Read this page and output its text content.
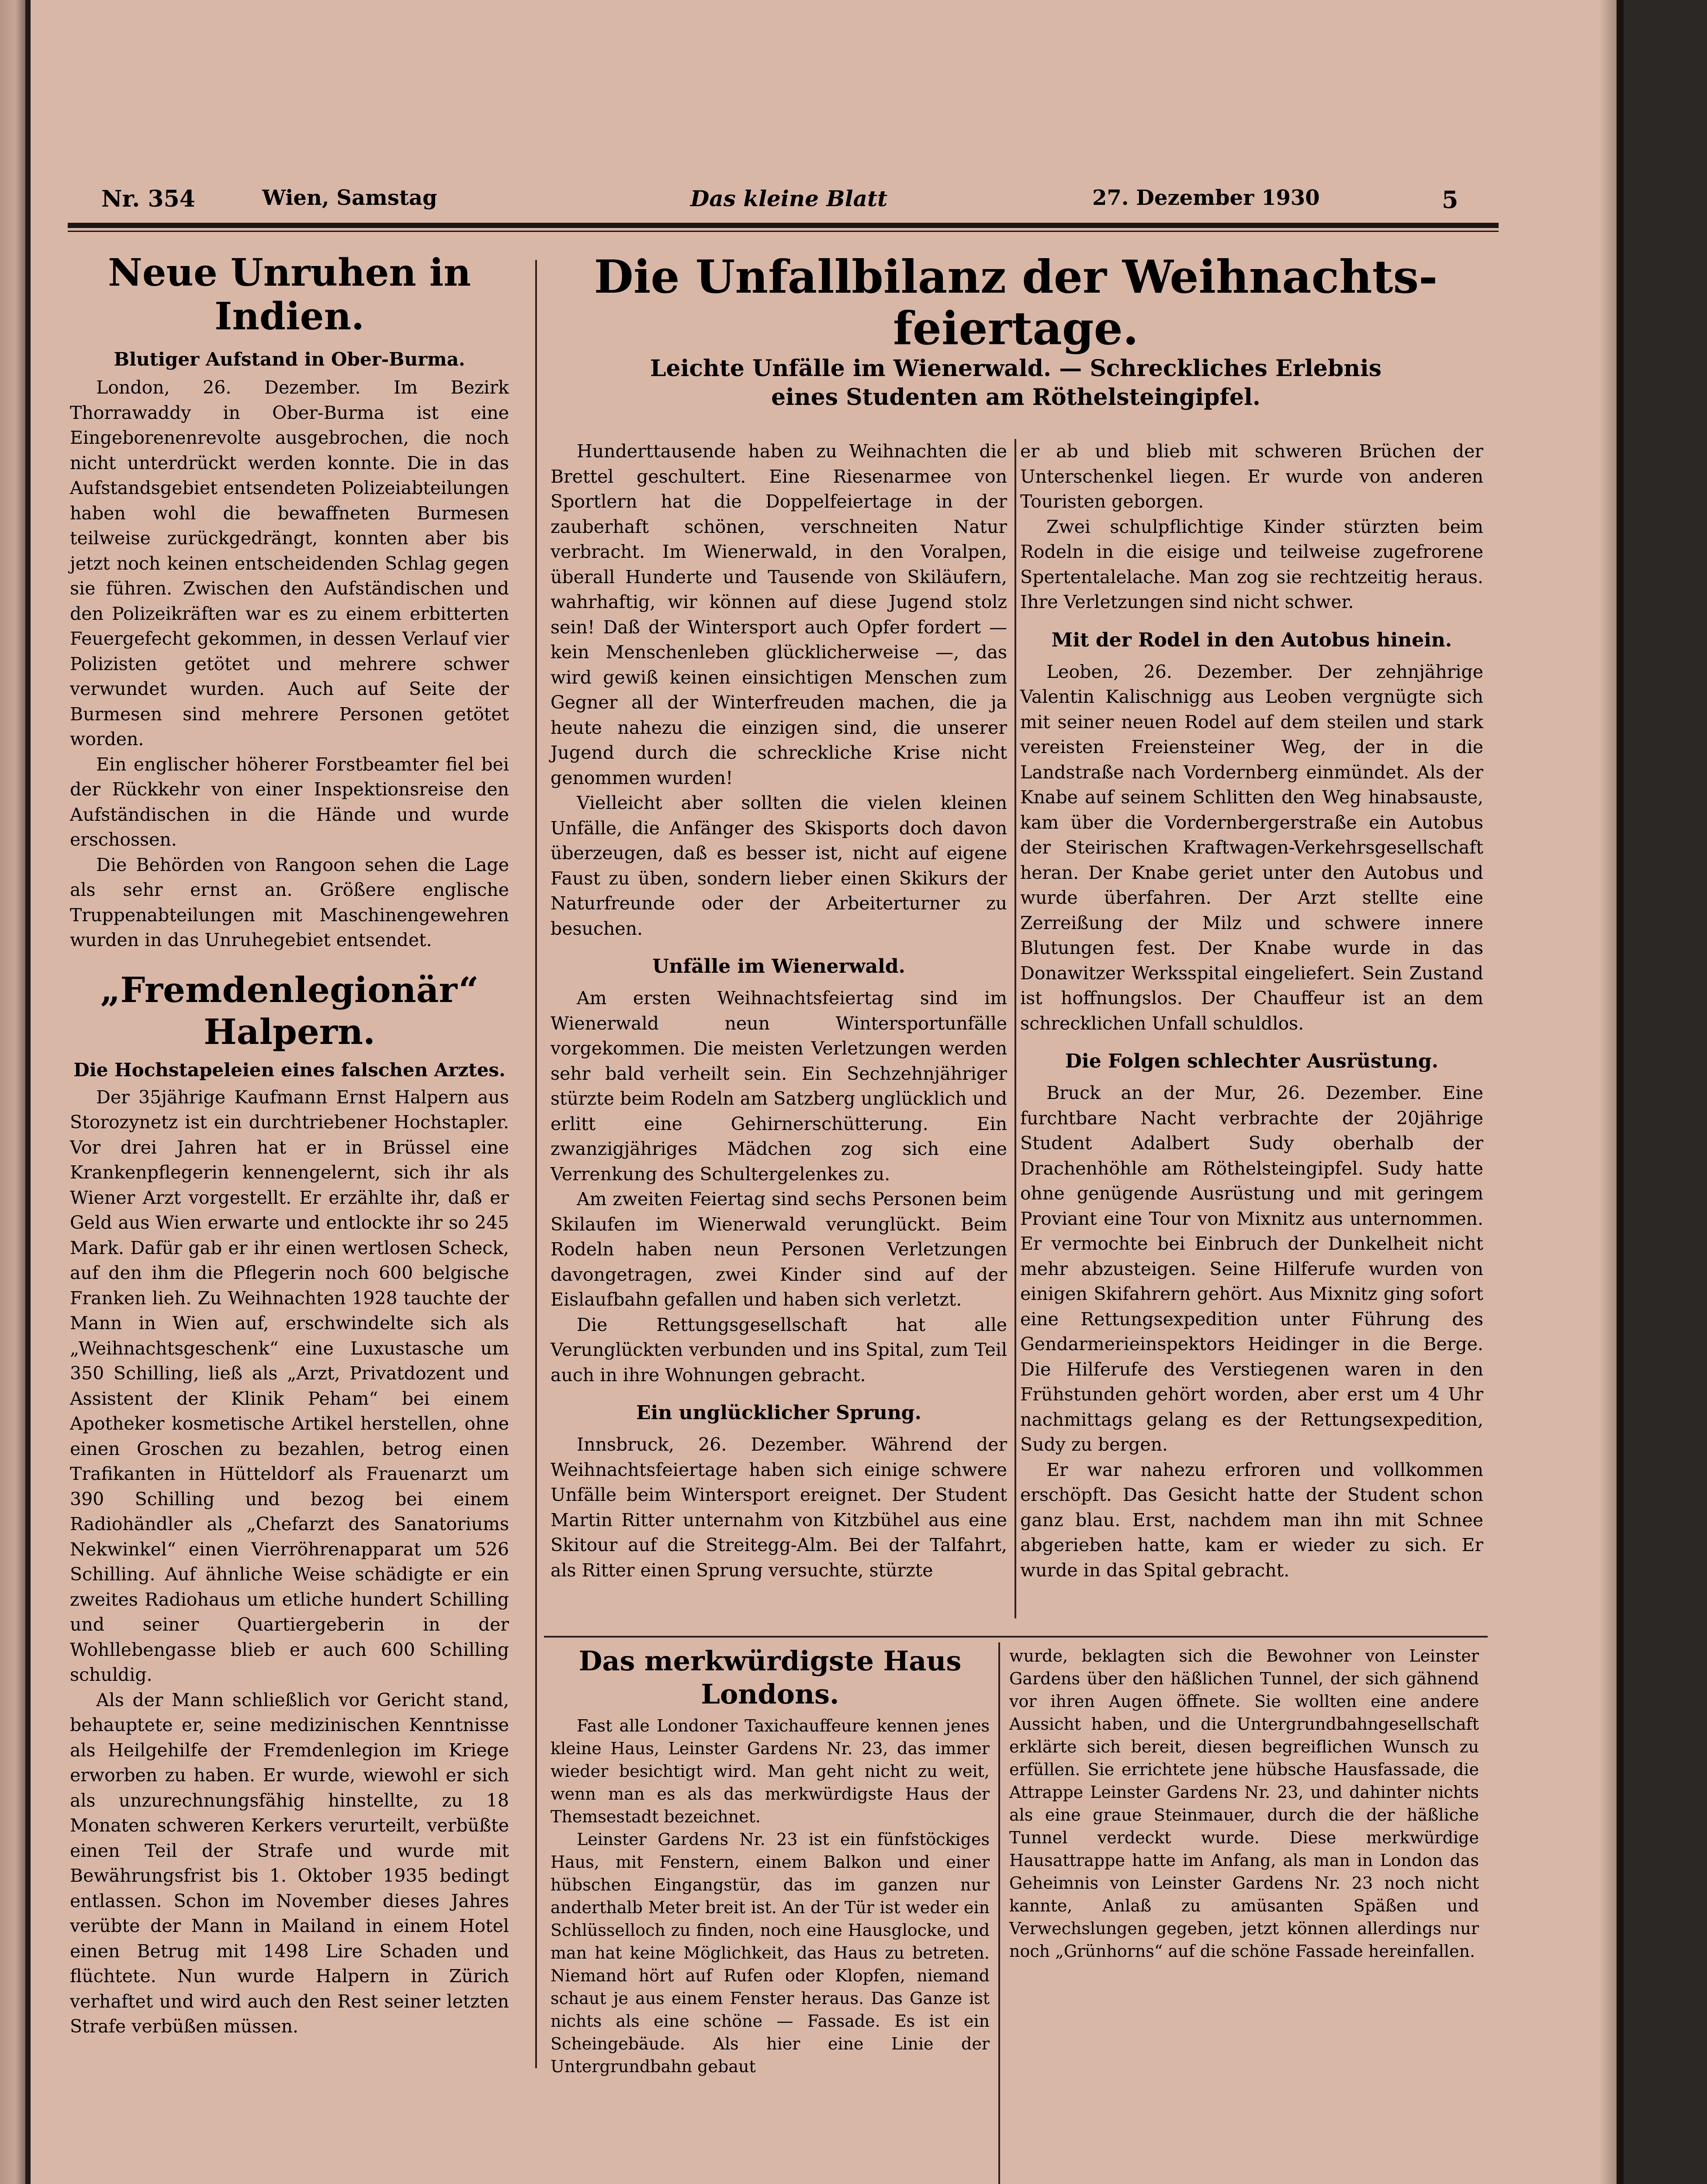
Nr. 354	Wien, Samstag	Das kleine Blatt	27. Dezember 1930	5
Neue Unruhen in Indien.
Blutiger Aufstand in Ober-Burma.

London, 26. Dezember. Im Bezirk Thorrawaddy in Ober-Burma ist eine Eingeborenenrevolte ausgebrochen, die noch nicht unterdrückt werden konnte. Die in das Aufstandsgebiet entsendeten Polizeiabteilungen haben wohl die bewaffneten Burmesen teilweise zurückgedrängt, konnten aber bis jetzt noch keinen entscheidenden Schlag gegen sie führen. Zwischen den Aufständischen und den Polizeikräften war es zu einem erbitterten Feuergefecht gekommen, in dessen Verlauf vier Polizisten getötet und mehrere schwer verwundet wurden. Auch auf Seite der Burmesen sind mehrere Personen getötet worden.

Ein englischer höherer Forstbeamter fiel bei der Rückkehr von einer Inspektionsreise den Aufständischen in die Hände und wurde erschossen.

Die Behörden von Rangoon sehen die Lage als sehr ernst an. Größere englische Truppenabteilungen mit Maschinengewehren wurden in das Unruhegebiet entsendet.

„Fremdenlegionär“ Halpern.
Die Hochstapeleien eines falschen Arztes.

Der 35jährige Kaufmann Ernst Halpern aus Storozynetz ist ein durchtriebener Hochstapler. Vor drei Jahren hat er in Brüssel eine Krankenpflegerin kennengelernt, sich ihr als Wiener Arzt vorgestellt. Er erzählte ihr, daß er Geld aus Wien erwarte und entlockte ihr so 245 Mark. Dafür gab er ihr einen wertlosen Scheck, auf den ihm die Pflegerin noch 600 belgische Franken lieh. Zu Weihnachten 1928 tauchte der Mann in Wien auf, erschwindelte sich als „Weihnachtsgeschenk“ eine Luxustasche um 350 Schilling, ließ als „Arzt, Privatdozent und Assistent der Klinik Peham“ bei einem Apotheker kosmetische Artikel herstellen, ohne einen Groschen zu bezahlen, betrog einen Trafikanten in Hütteldorf als Frauenarzt um 390 Schilling und bezog bei einem Radiohändler als „Chefarzt des Sanatoriums Nekwinkel“ einen Vierröhrenapparat um 526 Schilling. Auf ähnliche Weise schädigte er ein zweites Radiohaus um etliche hundert Schilling und seiner Quartiergeberin in der Wohllebengasse blieb er auch 600 Schilling schuldig.

Als der Mann schließlich vor Gericht stand, behauptete er, seine medizinischen Kenntnisse als Heilgehilfe der Fremdenlegion im Kriege erworben zu haben. Er wurde, wiewohl er sich als unzurechnungsfähig hinstellte, zu 18 Monaten schweren Kerkers verurteilt, verbüßte einen Teil der Strafe und wurde mit Bewährungsfrist bis 1. Oktober 1935 bedingt entlassen. Schon im November dieses Jahres verübte der Mann in Mailand in einem Hotel einen Betrug mit 1498 Lire Schaden und flüchtete. Nun wurde Halpern in Zürich verhaftet und wird auch den Rest seiner letzten Strafe verbüßen müssen.

Die Unfallbilanz der Weihnachts-
feiertage.
Leichte Unfälle im Wienerwald. — Schreckliches Erlebnis
eines Studenten am Röthelsteingipfel.

Hunderttausende haben zu Weihnachten die Brettel geschultert. Eine Riesenarmee von Sportlern hat die Doppelfeiertage in der zauberhaft schönen, verschneiten Natur verbracht. Im Wienerwald, in den Voralpen, überall Hunderte und Tausende von Skiläufern, wahrhaftig, wir können auf diese Jugend stolz sein! Daß der Wintersport auch Opfer fordert — kein Menschenleben glücklicherweise —, das wird gewiß keinen einsichtigen Menschen zum Gegner all der Winterfreuden machen, die ja heute nahezu die einzigen sind, die unserer Jugend durch die schreckliche Krise nicht genommen wurden!

Vielleicht aber sollten die vielen kleinen Unfälle, die Anfänger des Skisports doch davon überzeugen, daß es besser ist, nicht auf eigene Faust zu üben, sondern lieber einen Skikurs der Naturfreunde oder der Arbeiterturner zu besuchen.

Unfälle im Wienerwald.

Am ersten Weihnachtsfeiertag sind im Wienerwald neun Wintersportunfälle vorgekommen. Die meisten Verletzungen werden sehr bald verheilt sein. Ein Sechzehnjähriger stürzte beim Rodeln am Satzberg unglücklich und erlitt eine Gehirnerschütterung. Ein zwanzigjähriges Mädchen zog sich eine Verrenkung des Schultergelenkes zu.

Am zweiten Feiertag sind sechs Personen beim Skilaufen im Wienerwald verunglückt. Beim Rodeln haben neun Personen Verletzungen davongetragen, zwei Kinder sind auf der Eislaufbahn gefallen und haben sich verletzt.

Die Rettungsgesellschaft hat alle Verunglückten verbunden und ins Spital, zum Teil auch in ihre Wohnungen gebracht.

Ein unglücklicher Sprung.

Innsbruck, 26. Dezember. Während der Weihnachtsfeiertage haben sich einige schwere Unfälle beim Wintersport ereignet. Der Student Martin Ritter unternahm von Kitzbühel aus eine Skitour auf die Streitegg-Alm. Bei der Talfahrt, als Ritter einen Sprung versuchte, stürzte

er ab und blieb mit schweren Brüchen der Unterschenkel liegen. Er wurde von anderen Touristen geborgen.

Zwei schulpflichtige Kinder stürzten beim Rodeln in die eisige und teilweise zugefrorene Spertentalelache. Man zog sie rechtzeitig heraus. Ihre Verletzungen sind nicht schwer.

Mit der Rodel in den Autobus hinein.

Leoben, 26. Dezember. Der zehnjährige Valentin Kalischnigg aus Leoben vergnügte sich mit seiner neuen Rodel auf dem steilen und stark vereisten Freiensteiner Weg, der in die Landstraße nach Vordernberg einmündet. Als der Knabe auf seinem Schlitten den Weg hinabsauste, kam über die Vordernbergerstraße ein Autobus der Steirischen Kraftwagen-Verkehrsgesellschaft heran. Der Knabe geriet unter den Autobus und wurde überfahren. Der Arzt stellte eine Zerreißung der Milz und schwere innere Blutungen fest. Der Knabe wurde in das Donawitzer Werksspital eingeliefert. Sein Zustand ist hoffnungslos. Der Chauffeur ist an dem schrecklichen Unfall schuldlos.

Die Folgen schlechter Ausrüstung.

Bruck an der Mur, 26. Dezember. Eine furchtbare Nacht verbrachte der 20jährige Student Adalbert Sudy oberhalb der Drachenhöhle am Röthelsteingipfel. Sudy hatte ohne genügende Ausrüstung und mit geringem Proviant eine Tour von Mixnitz aus unternommen. Er vermochte bei Einbruch der Dunkelheit nicht mehr abzusteigen. Seine Hilferufe wurden von einigen Skifahrern gehört. Aus Mixnitz ging sofort eine Rettungsexpedition unter Führung des Gendarmerieinspektors Heidinger in die Berge. Die Hilferufe des Verstiegenen waren in den Frühstunden gehört worden, aber erst um 4 Uhr nachmittags gelang es der Rettungsexpedition, Sudy zu bergen.

Er war nahezu erfroren und vollkommen erschöpft. Das Gesicht hatte der Student schon ganz blau. Erst, nachdem man ihn mit Schnee abgerieben hatte, kam er wieder zu sich. Er wurde in das Spital gebracht.

Das merkwürdigste Haus
Londons.

Fast alle Londoner Taxichauffeure kennen jenes kleine Haus, Leinster Gardens Nr. 23, das immer wieder besichtigt wird. Man geht nicht zu weit, wenn man es als das merkwürdigste Haus der Themsestadt bezeichnet.

Leinster Gardens Nr. 23 ist ein fünfstöckiges Haus, mit Fenstern, einem Balkon und einer hübschen Eingangstür, das im ganzen nur anderthalb Meter breit ist. An der Tür ist weder ein Schlüsselloch zu finden, noch eine Hausglocke, und man hat keine Möglichkeit, das Haus zu betreten. Niemand hört auf Rufen oder Klopfen, niemand schaut je aus einem Fenster heraus. Das Ganze ist nichts als eine schöne — Fassade. Es ist ein Scheingebäude. Als hier eine Linie der Untergrundbahn gebaut

wurde, beklagten sich die Bewohner von Leinster Gardens über den häßlichen Tunnel, der sich gähnend vor ihren Augen öffnete. Sie wollten eine andere Aussicht haben, und die Untergrundbahngesellschaft erklärte sich bereit, diesen begreiflichen Wunsch zu erfüllen. Sie errichtete jene hübsche Hausfassade, die Attrappe Leinster Gardens Nr. 23, und dahinter nichts als eine graue Steinmauer, durch die der häßliche Tunnel verdeckt wurde. Diese merkwürdige Hausattrappe hatte im Anfang, als man in London das Geheimnis von Leinster Gardens Nr. 23 noch nicht kannte, Anlaß zu amüsanten Späßen und Verwechslungen gegeben, jetzt können allerdings nur noch „Grünhorns“ auf die schöne Fassade hereinfallen.
